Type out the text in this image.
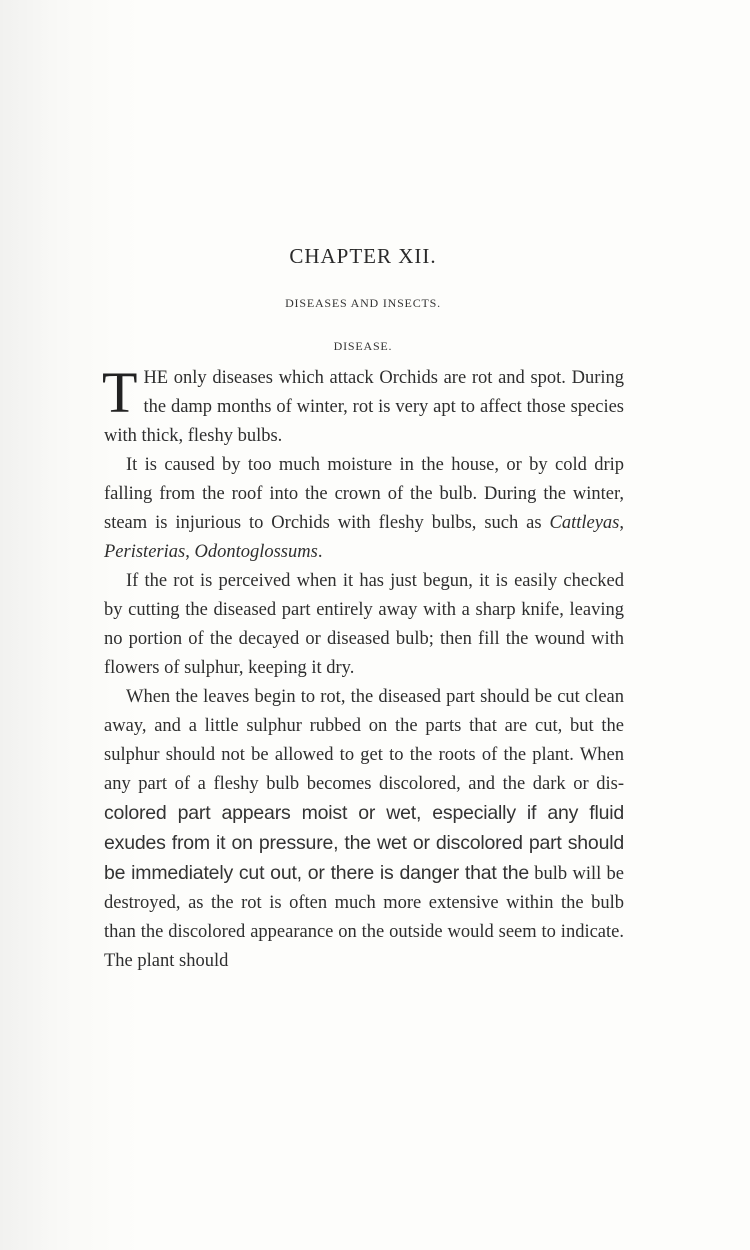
CHAPTER XII.
DISEASES AND INSECTS.
DISEASE.

THE only diseases which attack Orchids are rot and spot. During the damp months of winter, rot is very apt to affect those species with thick, fleshy bulbs.

It is caused by too much moisture in the house, or by cold drip falling from the roof into the crown of the bulb. During the winter, steam is injurious to Orchids with fleshy bulbs, such as Cattleyas, Peristerias, Odontoglossums.

If the rot is perceived when it has just begun, it is easily checked by cutting the diseased part entirely away with a sharp knife, leaving no portion of the decayed or diseased bulb; then fill the wound with flowers of sulphur, keeping it dry.

When the leaves begin to rot, the diseased part should be cut clean away, and a little sulphur rubbed on the parts that are cut, but the sulphur should not be allowed to get to the roots of the plant. When any part of a fleshy bulb becomes discolored, and the dark or dis- colored part appears moist or wet, especially if any fluid exudes from it on pressure, the wet or discolored part should be immediately cut out, or there is danger that the bulb will be destroyed, as the rot is often much more extensive within the bulb than the discolored appearance on the outside would seem to indicate. The plant should
